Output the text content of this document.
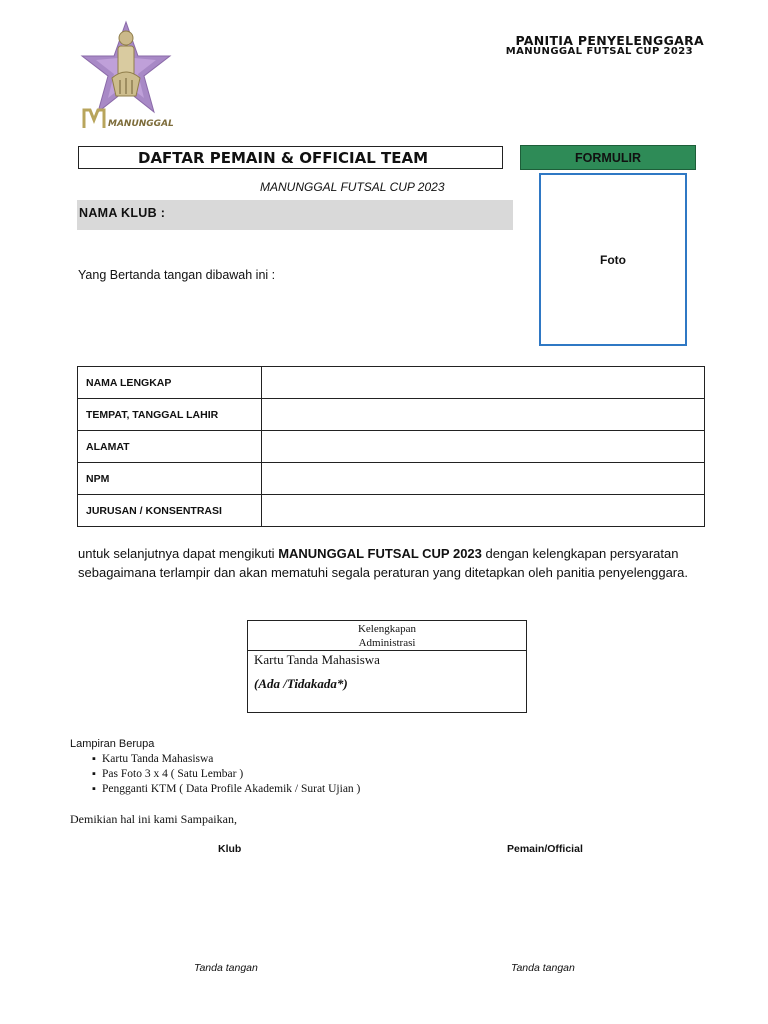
MANUNGGAL
PANITIA PENYELENGGARA
MANUNGGAL FUTSAL CUP 2023
DAFTAR PEMAIN & OFFICIAL TEAM	FORMULIR
MANUNGGAL FUTSAL CUP 2023
NAMA KLUB :
Foto
Yang Bertanda tangan dibawah ini :
NAMA LENGKAP	
TEMPAT, TANGGAL LAHIR	
ALAMAT	
NPM	
JURUSAN / KONSENTRASI	
untuk selanjutnya dapat mengikuti MANUNGGAL FUTSAL CUP 2023 dengan kelengkapan persyaratan sebagaimana terlampir dan akan mematuhi segala peraturan yang ditetapkan oleh panitia penyelenggara.
Kelengkapan
Administrasi
Kartu Tanda Mahasiswa
(Ada /Tidakada*)
Lampiran Berupa
▪ Kartu Tanda Mahasiswa
▪ Pas Foto 3 x 4 ( Satu Lembar )
▪ Pengganti KTM ( Data Profile Akademik / Surat Ujian )
Demikian hal ini kami Sampaikan,
Klub	Pemain/Official
Tanda tangan	Tanda tangan
